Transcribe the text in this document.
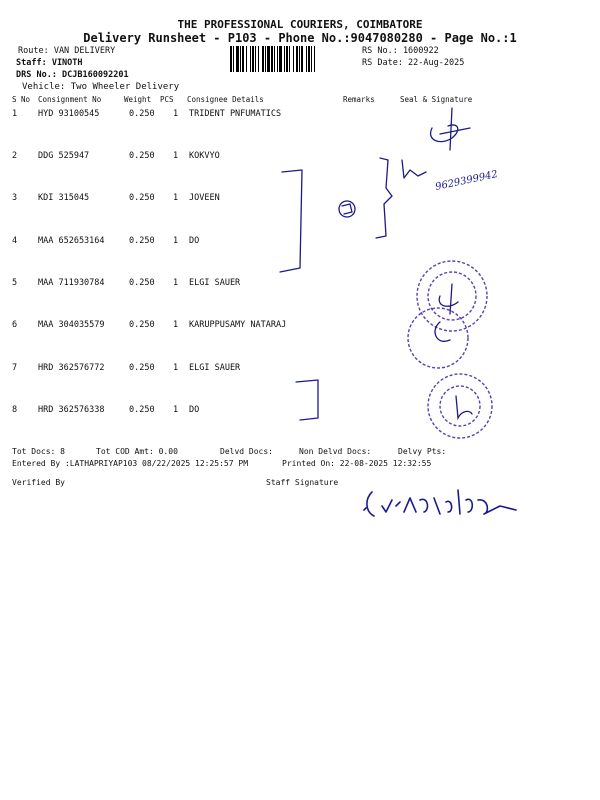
THE PROFESSIONAL COURIERS, COIMBATORE
Delivery Runsheet - P103 - Phone No.:9047080280 - Page No.:1
Route: VAN DELIVERY
Staff: VINOTH
DRS No.: DCJB160092201
Vehicle: Two Wheeler Delivery
RS No.: 1600922
RS Date: 22-Aug-2025
S No Consignment No	Weight PCS Consignee Details	Remarks	Seal & Signature
1 HYD 93100545	0.250 1 TRIDENT PNFUMATICS
2 DDG 525947	0.250 1 KOKVYO
3 KDI 315045	0.250 1 JOVEEN
4 MAA 652653164	0.250 1 DO
5 MAA 711930784	0.250 1 ELGI SAUER
6 MAA 304035579	0.250 1 KARUPPUSAMY NATARAJ
7 HRD 362576772	0.250 1 ELGI SAUER
8 HRD 362576338	0.250 1 DO
Tot Docs: 8	Tot COD Amt: 0.00	Delvd Docs:	Non Delvd Docs:	Delvy Pts:
Entered By :LATHAPRIYAP103 08/22/2025 12:25:57 PM	Printed On: 22-08-2025 12:32:55
Verified By	Staff Signature
9629399942
S.VINOTH Kumar
